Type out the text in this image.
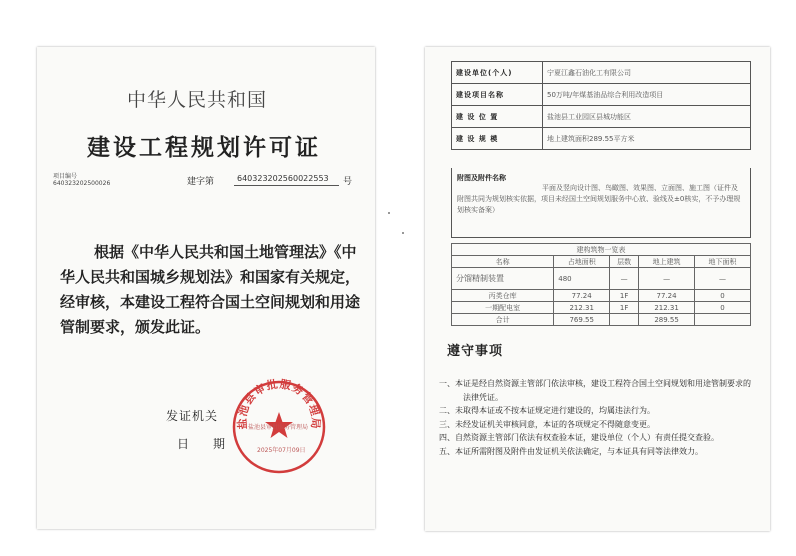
中华人民共和国
建设工程规划许可证
项目编号
640323202500026	建字第	640323202560022553 号
根据《中华人民共和国土地管理法》《中华人民共和国城乡规划法》和国家有关规定，经审核，本建设工程符合国土空间规划和用途管制要求，颁发此证。
发证机关
日期
盐池县审批服务管理局
盐池县审批服务管理局
2025年07月09日
建设单位(个人)	宁夏江鑫石油化工有限公司
建设项目名称	50万吨/年煤基油品综合利用改造项目
建 设 位 置	盐池县工业园区县城功能区
建 设 规 模	地上建筑面积289.55平方米
附图及附件名称
平面及竖向设计图、鸟瞰图、效果图、立面图、施工图（证件及附图共同为规划核实依据，项目未经国土空间规划服务中心放、验线及±0核实，不予办理规划核实备案）
建构筑物一览表				
名称	占地面积	层数	地上建筑	地下面积
分馏精制装置	480	—	—	—
丙类仓库	77.24	1F	77.24	0
一期配电室	212.31	1F	212.31	0
合计	769.55		289.55	
遵守事项
一、本证是经自然资源主管部门依法审核，建设工程符合国土空间规划和用途管制要求的法律凭证。
二、未取得本证或不按本证规定进行建设的，均属违法行为。
三、未经发证机关审核同意，本证的各项规定不得随意变更。
四、自然资源主管部门依法有权查验本证，建设单位（个人）有责任提交查验。
五、本证所需附图及附件由发证机关依法确定，与本证具有同等法律效力。
